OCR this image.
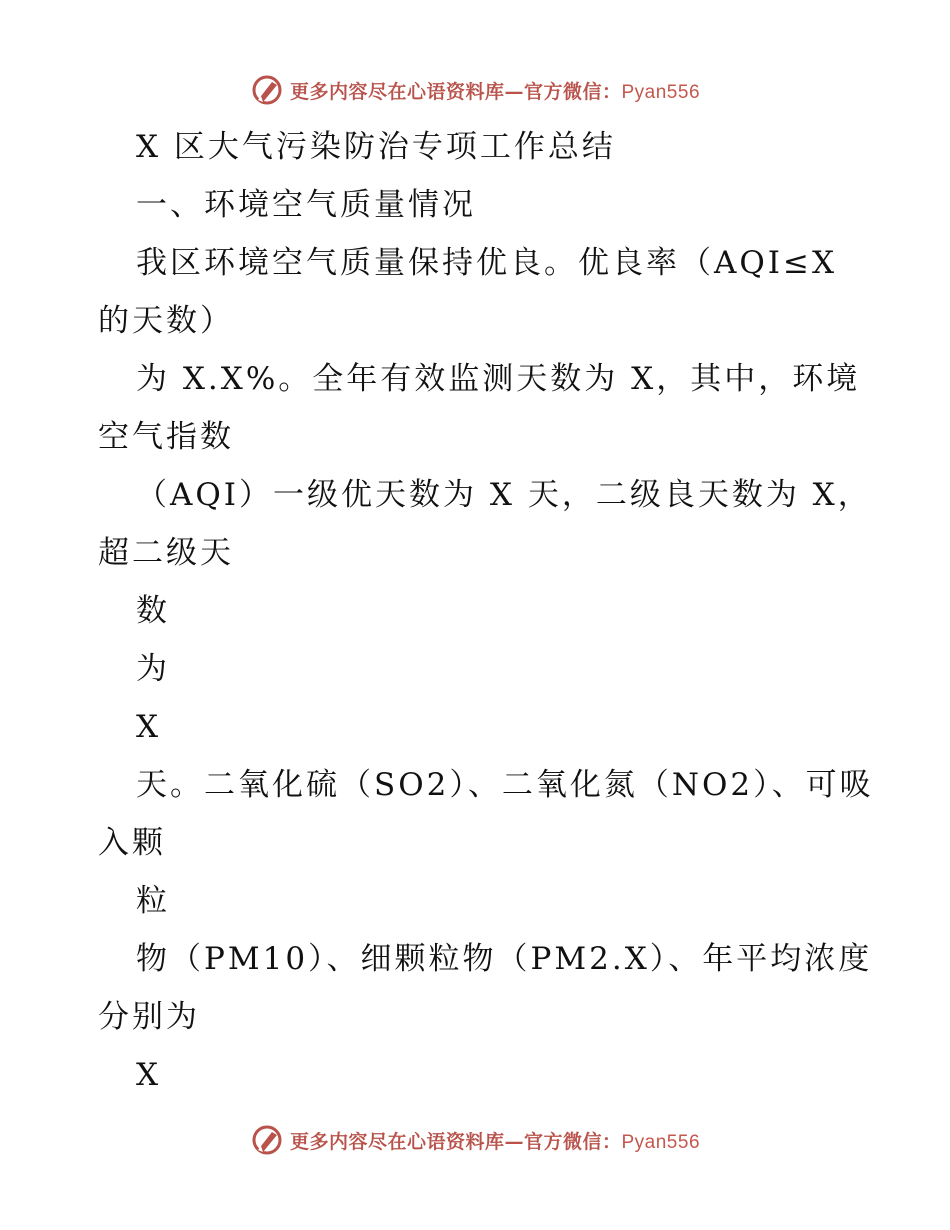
更多内容尽在心语资料库—官方微信：Pyan556
X 区大气污染防治专项工作总结
一、环境空气质量情况
我区环境空气质量保持优良。优良率（AQI≤X
的天数）
为 X.X%。全年有效监测天数为 X，其中，环境
空气指数
（AQI）一级优天数为 X 天，二级良天数为 X，
超二级天
数
为
X
天。二氧化硫（SO2）、二氧化氮（NO2）、可吸
入颗
粒
物（PM10）、细颗粒物（PM2.X）、年平均浓度
分别为
X
更多内容尽在心语资料库—官方微信：Pyan556
